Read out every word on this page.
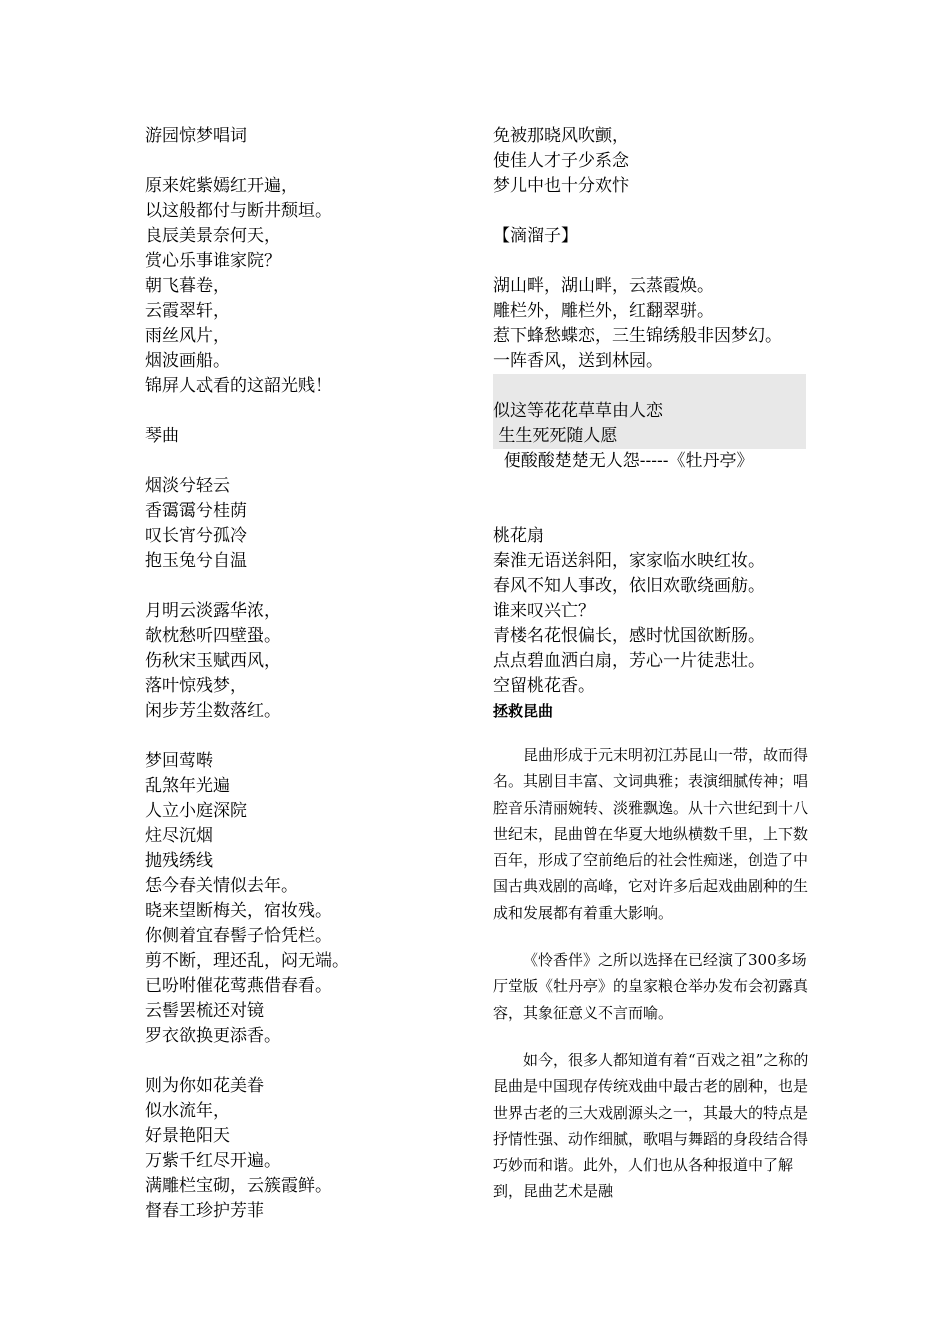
游园惊梦唱词
原来姹紫嫣红开遍，
以这般都付与断井颓垣。
良辰美景奈何天，
赏心乐事谁家院？
朝飞暮卷，
云霞翠轩，
雨丝风片，
烟波画船。
锦屏人忒看的这韶光贱！
琴曲
烟淡兮轻云
香霭霭兮桂荫
叹长宵兮孤冷
抱玉兔兮自温
月明云淡露华浓，
欹枕愁听四壁蛩。
伤秋宋玉赋西风，
落叶惊残梦，
闲步芳尘数落红。
梦回莺啭
乱煞年光遍
人立小庭深院
炷尽沉烟
抛残绣线
恁今春关情似去年。
晓来望断梅关，宿妆残。
你侧着宜春髻子恰凭栏。
剪不断，理还乱，闷无端。
已吩咐催花莺燕借春看。
云髻罢梳还对镜
罗衣欲换更添香。
则为你如花美眷
似水流年，
好景艳阳天
万紫千红尽开遍。
满雕栏宝砌，云簇霞鲜。
督春工珍护芳菲
免被那晓风吹颤，
使佳人才子少系念
梦儿中也十分欢忭
【滴溜子】
湖山畔，湖山畔，云蒸霞焕。
雕栏外，雕栏外，红翻翠骈。
惹下蜂愁蝶恋，三生锦绣般非因梦幻。
一阵香风，送到林园。
似这等花花草草由人恋
生生死死随人愿
便酸酸楚楚无人怨-----《牡丹亭》
桃花扇
秦淮无语送斜阳，家家临水映红妆。
春风不知人事改，依旧欢歌绕画舫。
谁来叹兴亡？
青楼名花恨偏长，感时忧国欲断肠。
点点碧血洒白扇，芳心一片徒悲壮。
空留桃花香。
拯救昆曲

昆曲形成于元末明初江苏昆山一带，故而得名。其剧目丰富、文词典雅；表演细腻传神；唱腔音乐清丽婉转、淡雅飘逸。从十六世纪到十八世纪末，昆曲曾在华夏大地纵横数千里，上下数百年，形成了空前绝后的社会性痴迷，创造了中国古典戏剧的高峰，它对许多后起戏曲剧种的生成和发展都有着重大影响。

《怜香伴》之所以选择在已经演了300多场厅堂版《牡丹亭》的皇家粮仓举办发布会初露真容，其象征意义不言而喻。

如今，很多人都知道有着“百戏之祖”之称的昆曲是中国现存传统戏曲中最古老的剧种，也是世界古老的三大戏剧源头之一，其最大的特点是抒情性强、动作细腻，歌唱与舞蹈的身段结合得巧妙而和谐。此外，人们也从各种报道中了解到，昆曲艺术是融
